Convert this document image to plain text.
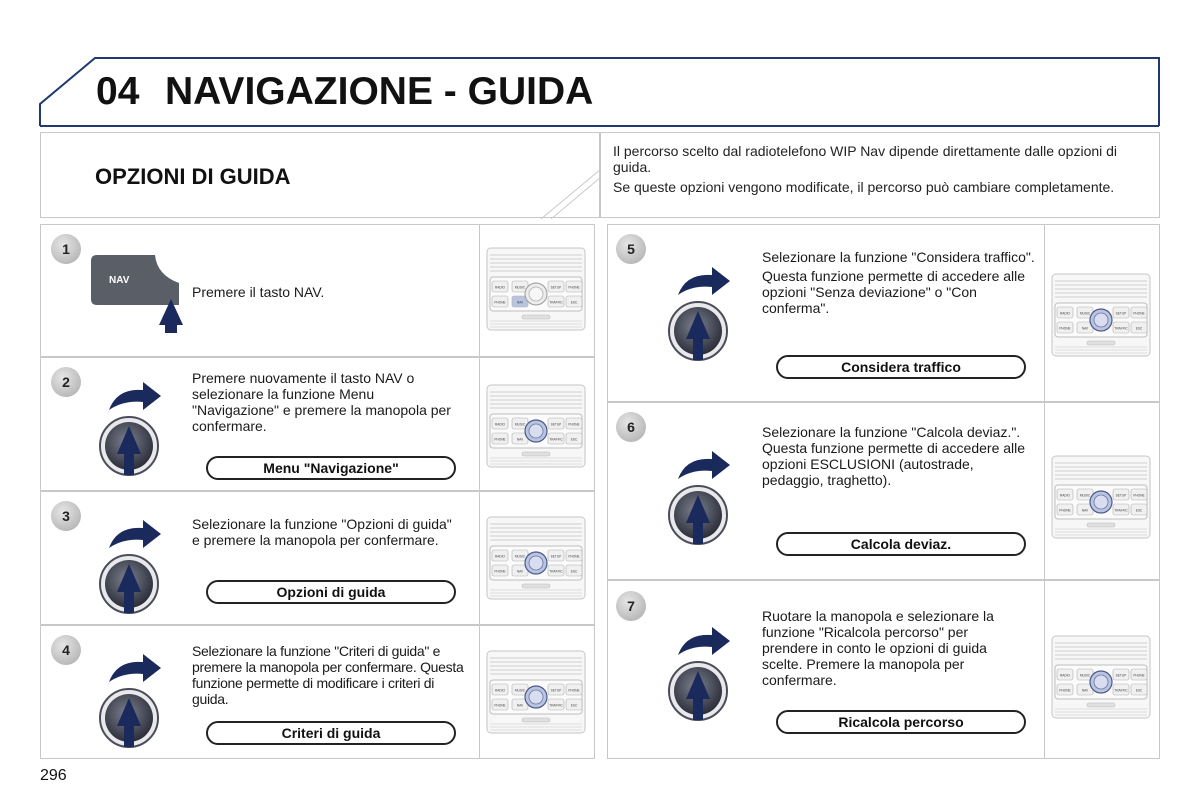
04 NAVIGAZIONE - GUIDA
OPZIONI DI GUIDA

Il percorso scelto dal radiotelefono WIP Nav dipende direttamente dalle opzioni di guida.

Se queste opzioni vengono modificate, il percorso può cambiare completamente.

1
NAV

Premere il tasto NAV.	RADIO	MUSIC	SETUP PHONE
PHONE	NAV	TRAFFIC ESC
2	Premere nuovamente il tasto NAV o selezionare la funzione Menu "Navigazione" e premere la manopola per confermare.

Menu "Navigazione"
RADIO	MUSIC	SETUP PHONE
PHONE	NAV	TRAFFIC ESC
3	Selezionare la funzione "Opzioni di guida" e premere la manopola per confermare.

Opzioni di guida
RADIO	MUSIC	SETUP PHONE
PHONE	NAV	TRAFFIC ESC
4	Selezionare la funzione "Criteri di guida" e premere la manopola per confermare. Questa funzione permette di modificare i criteri di guida.

Criteri di guida
RADIO	MUSIC	SETUP PHONE
PHONE	NAV	TRAFFIC ESC
5	Selezionare la funzione "Considera traffico".

Questa funzione permette di accedere alle opzioni "Senza deviazione" o "Con conferma".

Considera traffico
RADIO	MUSIC	SETUP PHONE
PHONE	NAV	TRAFFIC ESC
6	Selezionare la funzione "Calcola deviaz.". Questa funzione permette di accedere alle opzioni ESCLUSIONI (autostrade, pedaggio, traghetto).

Calcola deviaz.
RADIO	MUSIC	SETUP PHONE
PHONE	NAV	TRAFFIC ESC
7

Ruotare la manopola e selezionare la funzione "Ricalcola percorso" per prendere in conto le opzioni di guida scelte. Premere la manopola per confermare.

Ricalcola percorso
RADIO	MUSIC	SETUP PHONE
PHONE	NAV	TRAFFIC ESC
296
